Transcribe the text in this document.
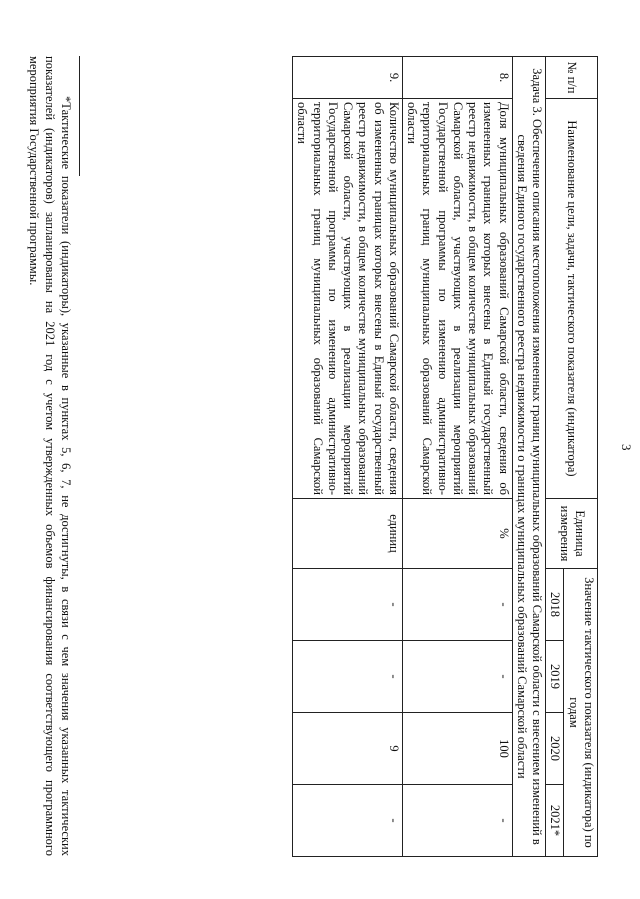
3
№ п/п	Наименование цели, задачи, тактического показателя (индикатора)	Единица измерения	Значение тактического показателя (индикатора) по годам			
			2018	2019	2020	2021*
Задача 3. Обеспечение описания местоположения измененных границ муниципальных образований Самарской области с внесением изменений в сведения Единого государственного реестра недвижимости о границах муниципальных образований Самарской области						
8.	Доля муниципальных образований Самарской области, сведения об измененных границах которых внесены в Единый государственный реестр недвижимости, в общем количестве муниципальных образований Самарской области, участвующих в реализации мероприятий Государственной программы по изменению административно-территориальных границ муниципальных образований Самарской области	%	-	-	100	-
9.	Количество муниципальных образований Самарской области, сведения об измененных границах которых внесены в Единый государственный реестр недвижимости, в общем количестве муниципальных образований Самарской области, участвующих в реализации мероприятий Государственной программы по изменению административно-территориальных границ муниципальных образований Самарской области	единиц	-	-	9	-

*Тактические показатели (индикаторы), указанные в пунктах 5, 6, 7, не достигнуты, в связи с чем значения указанных тактических показателей (индикаторов) запланированы на 2021 год с учетом утвержденных объемов финансирования соответствующего программного мероприятия Государственной программы.
